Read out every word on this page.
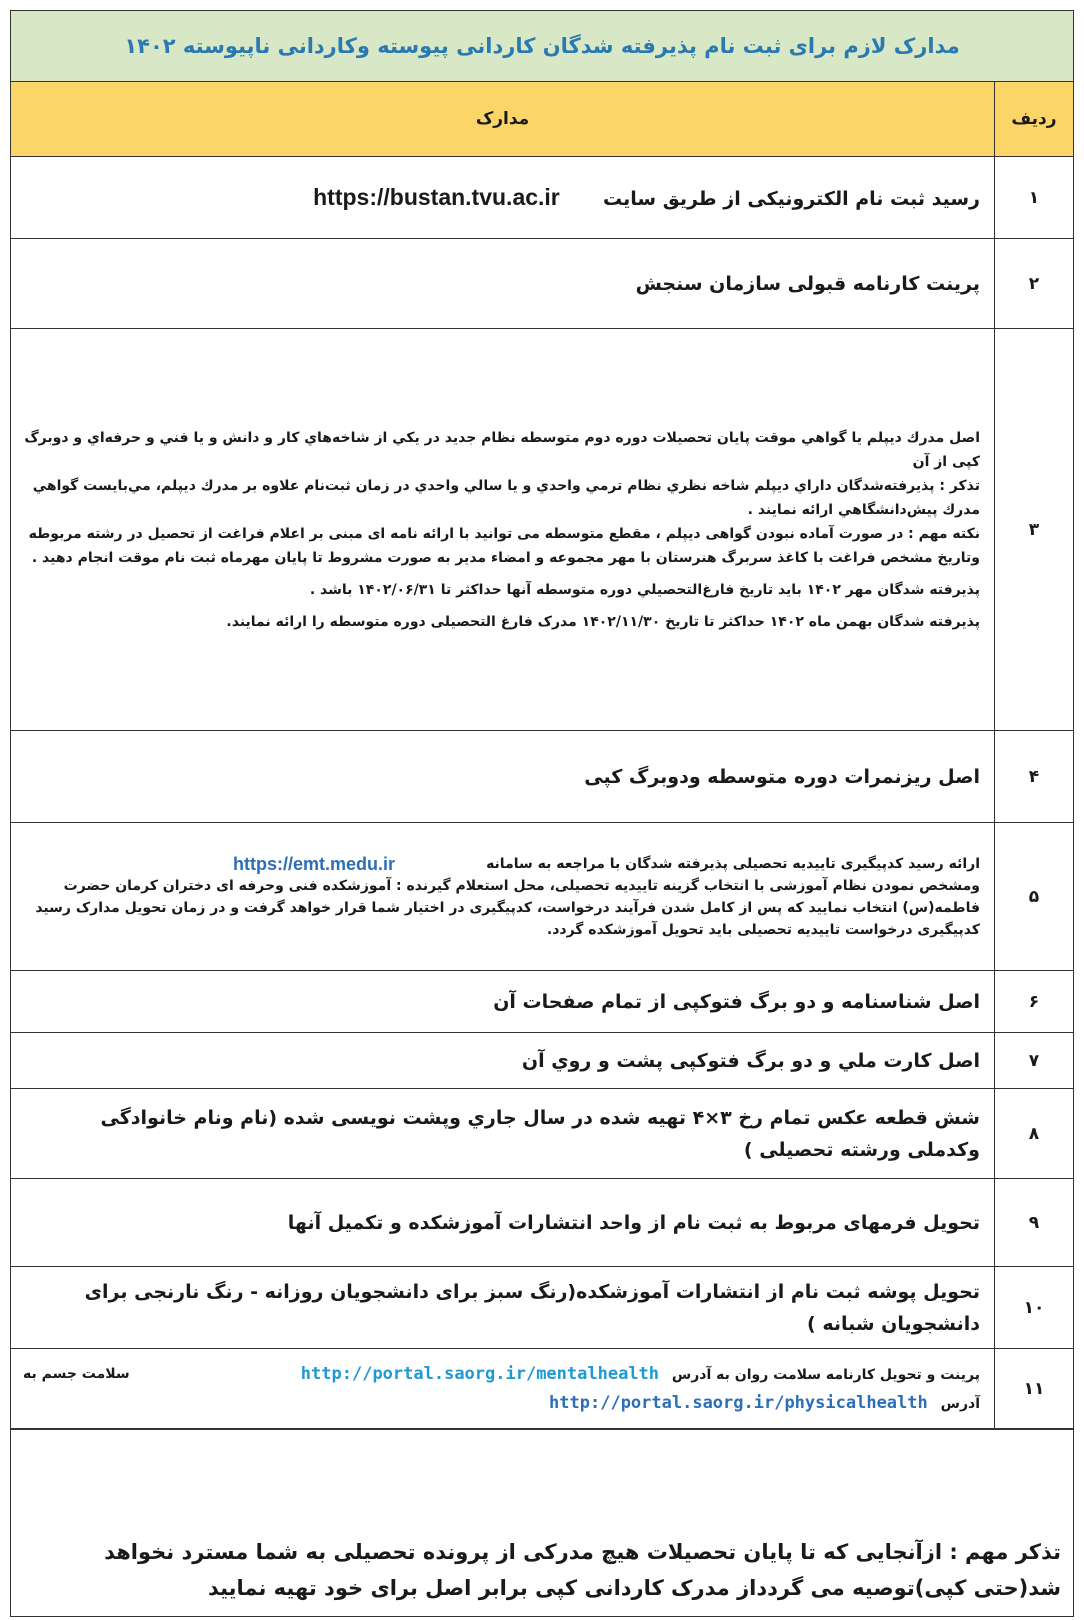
مدارک لازم برای ثبت نام پذیرفته شدگان کاردانی پیوسته وکاردانی ناپیوسته ۱۴۰۲
ردیف	مدارک
۱	رسید ثبت نام الکترونیکی از طریق سایت  https://bustan.tvu.ac.ir
۲	پرینت کارنامه قبولی سازمان سنجش
۳	اصل مدرك ديپلم يا گواهي موقت پايان تحصيلات دوره دوم متوسطه نظام جديد در يكي از شاخه‌هاي كار و دانش و يا فني و حرفه‌اي و دوبرگ کپی از آن

تذكر : پذيرفته‌شدگان داراي ديپلم شاخه نظري نظام ترمي واحدي و يا سالي واحدي در زمان ثبت‌نام علاوه بر مدرك ديپلم، مي‌بايست گواهي مدرك پيش‌دانشگاهي ارائه نمايند .

نکته مهم : در صورت آماده نبودن گواهی دیپلم ، مقطع متوسطه می توانید با ارائه نامه ای مبنی بر اعلام فراغت از تحصیل در رشته مربوطه وتاریخ مشخص فراغت با کاغذ سربرگ هنرستان با مهر مجموعه و امضاء مدیر به صورت مشروط تا پایان مهرماه ثبت نام موقت انجام دهید .

پذیرفته شدگان مهر ۱۴۰۲ باید تاریخ فارغ‌التحصيلي دوره متوسطه آنها حداکثر تا ۱۴۰۲/۰۶/۳۱ باشد .

پذیرفته شدگان بهمن ماه ۱۴۰۲ حداکثر تا تاریخ ۱۴۰۲/۱۱/۳۰ مدرک فارغ التحصیلی دوره متوسطه را ارائه نمایند.

۴	اصل ریزنمرات دوره متوسطه ودوبرگ کپی
۵	ارائه رسید کدپیگیری تاییدیه تحصیلی پذیرفته شدگان با مراجعه به سامانه
https://emt.medu.ir

ومشخص نمودن نظام آموزشی با انتخاب گزینه تاییدیه تحصیلی، محل استعلام گیرنده : آموزشکده فنی وحرفه ای دختران کرمان حضرت فاطمه(س) انتخاب نمایید که پس از کامل شدن فرآیند درخواست، کدپیگیری در اختیار شما قرار خواهد گرفت و در زمان تحویل مدارک رسید کدپیگیری درخواست تاییدیه تحصیلی باید تحویل آموزشکده گردد.

۶	اصل شناسنامه و دو برگ فتوکپی از تمام صفحات آن
۷	اصل كارت ملي و دو برگ فتوكپی پشت و روي آن
۸	شش قطعه عكس تمام رخ ۳×۴ تهيه شده در سال جاري وپشت نویسی شده (نام ونام خانوادگی وکدملی ورشته تحصیلی )
۹	تحویل فرمهای مربوط به ثبت نام از واحد انتشارات آموزشکده و تکمیل آنها
۱۰	تحویل پوشه ثبت نام از انتشارات آموزشکده(رنگ سبز برای دانشجویان روزانه - رنگ نارنجی برای دانشجویان شبانه )
۱۱	پرینت و تحویل کارنامه سلامت روان به آدرس http://portal.saorg.ir/mentalhealth
سلامت جسم به
آدرس http://portal.saorg.ir/physicalhealth
تذکر مهم : ازآنجایی که تا پایان تحصیلات هیچ مدرکی از پرونده تحصیلی به شما مسترد نخواهد شد(حتی کپی)توصیه می گردداز مدرک کاردانی کپی برابر اصل برای خود تهیه نمایید
